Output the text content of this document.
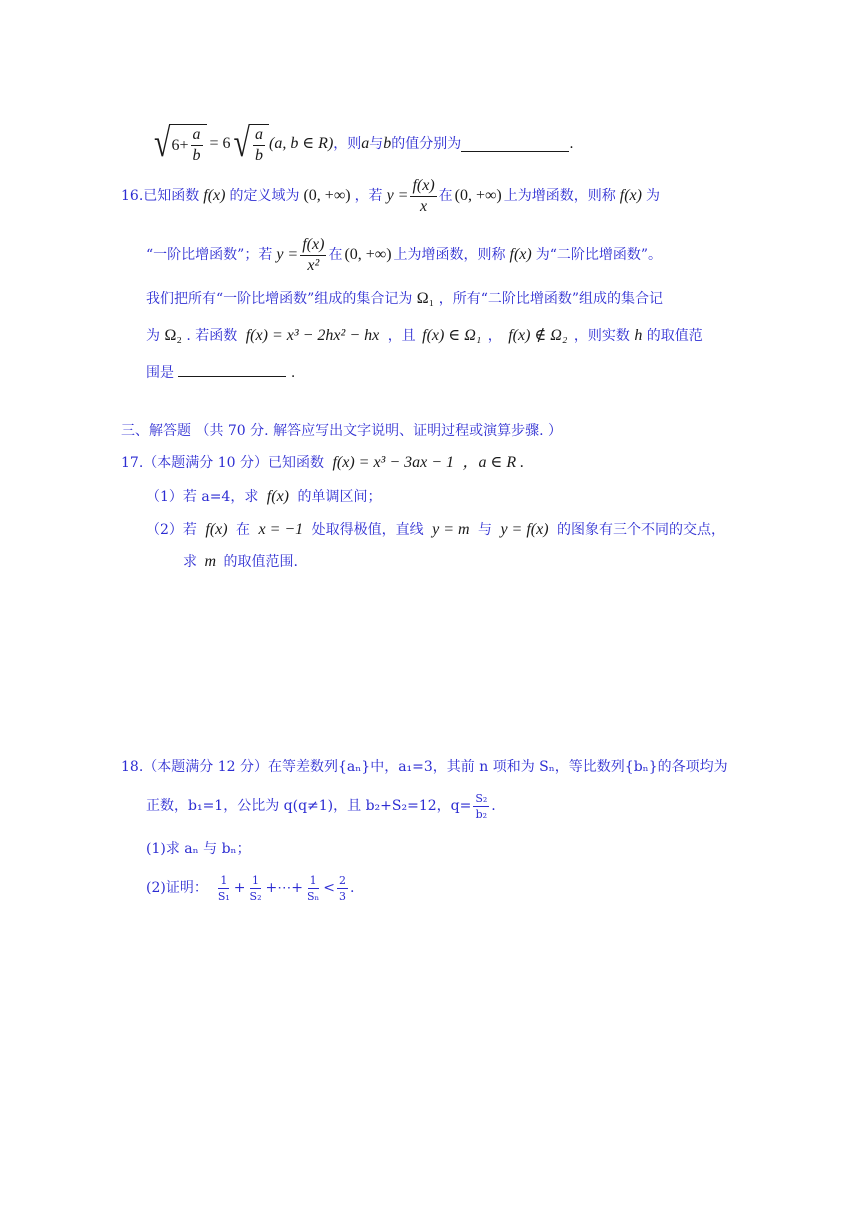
√ $6 + \frac{a}{b} = 6$ √ $\frac{a}{b} (a$, b ∈ R) ，则 a 与 b 的值分别为	.
16.已知函数 f(x) 的定义域为 (0, +∞) ，若 $y = \frac{f(x)}{x}$ 在 (0, +∞) 上为增函数，则称 f(x) 为
“一阶比增函数”；若 $y = \frac{f(x)}{\text{x²}}$ 在 (0, +∞) 上为增函数，则称 f(x) 为“二阶比增函数”。
我们把所有“一阶比增函数”组成的集合记为 Ω₁ ，所有“二阶比增函数”组成的集合记
为 Ω₂ . 若函数 f(x) = x³ − 2hx² − hx ，且 f(x) ∈ Ω₁ ， f(x) ∉ Ω₂ ，则实数 h 的取值范
围是	.
三、解答题 （共 70 分. 解答应写出文字说明、证明过程或演算步骤. ）
17.（本题满分 10 分）已知函数 f(x) = x³ − 3ax − 1 ，a ∈ R .
（1）若 a=4，求 f(x) 的单调区间；
（2）若 f(x) 在 x = −1 处取得极值，直线 y = m 与 y = f(x) 的图象有三个不同的交点，
求 m 的取值范围.
18.（本题满分 12 分）在等差数列{aₙ}中，a₁=3，其前 n 项和为 Sₙ，等比数列{bₙ}的各项均为
正数，b₁=1，公比为 q(q≠1)，且 b₂+S₂=12，$q= \frac{\text{S₂}}{\text{b₂}}$ .
(1)求 aₙ 与 bₙ；
(2)证明： $\frac{1}{\text{S₁}} + \frac{1}{\text{S₂}}$ +⋯+ $\frac{1}{\text{Sₙ}} < \frac{2}{3}$ .
